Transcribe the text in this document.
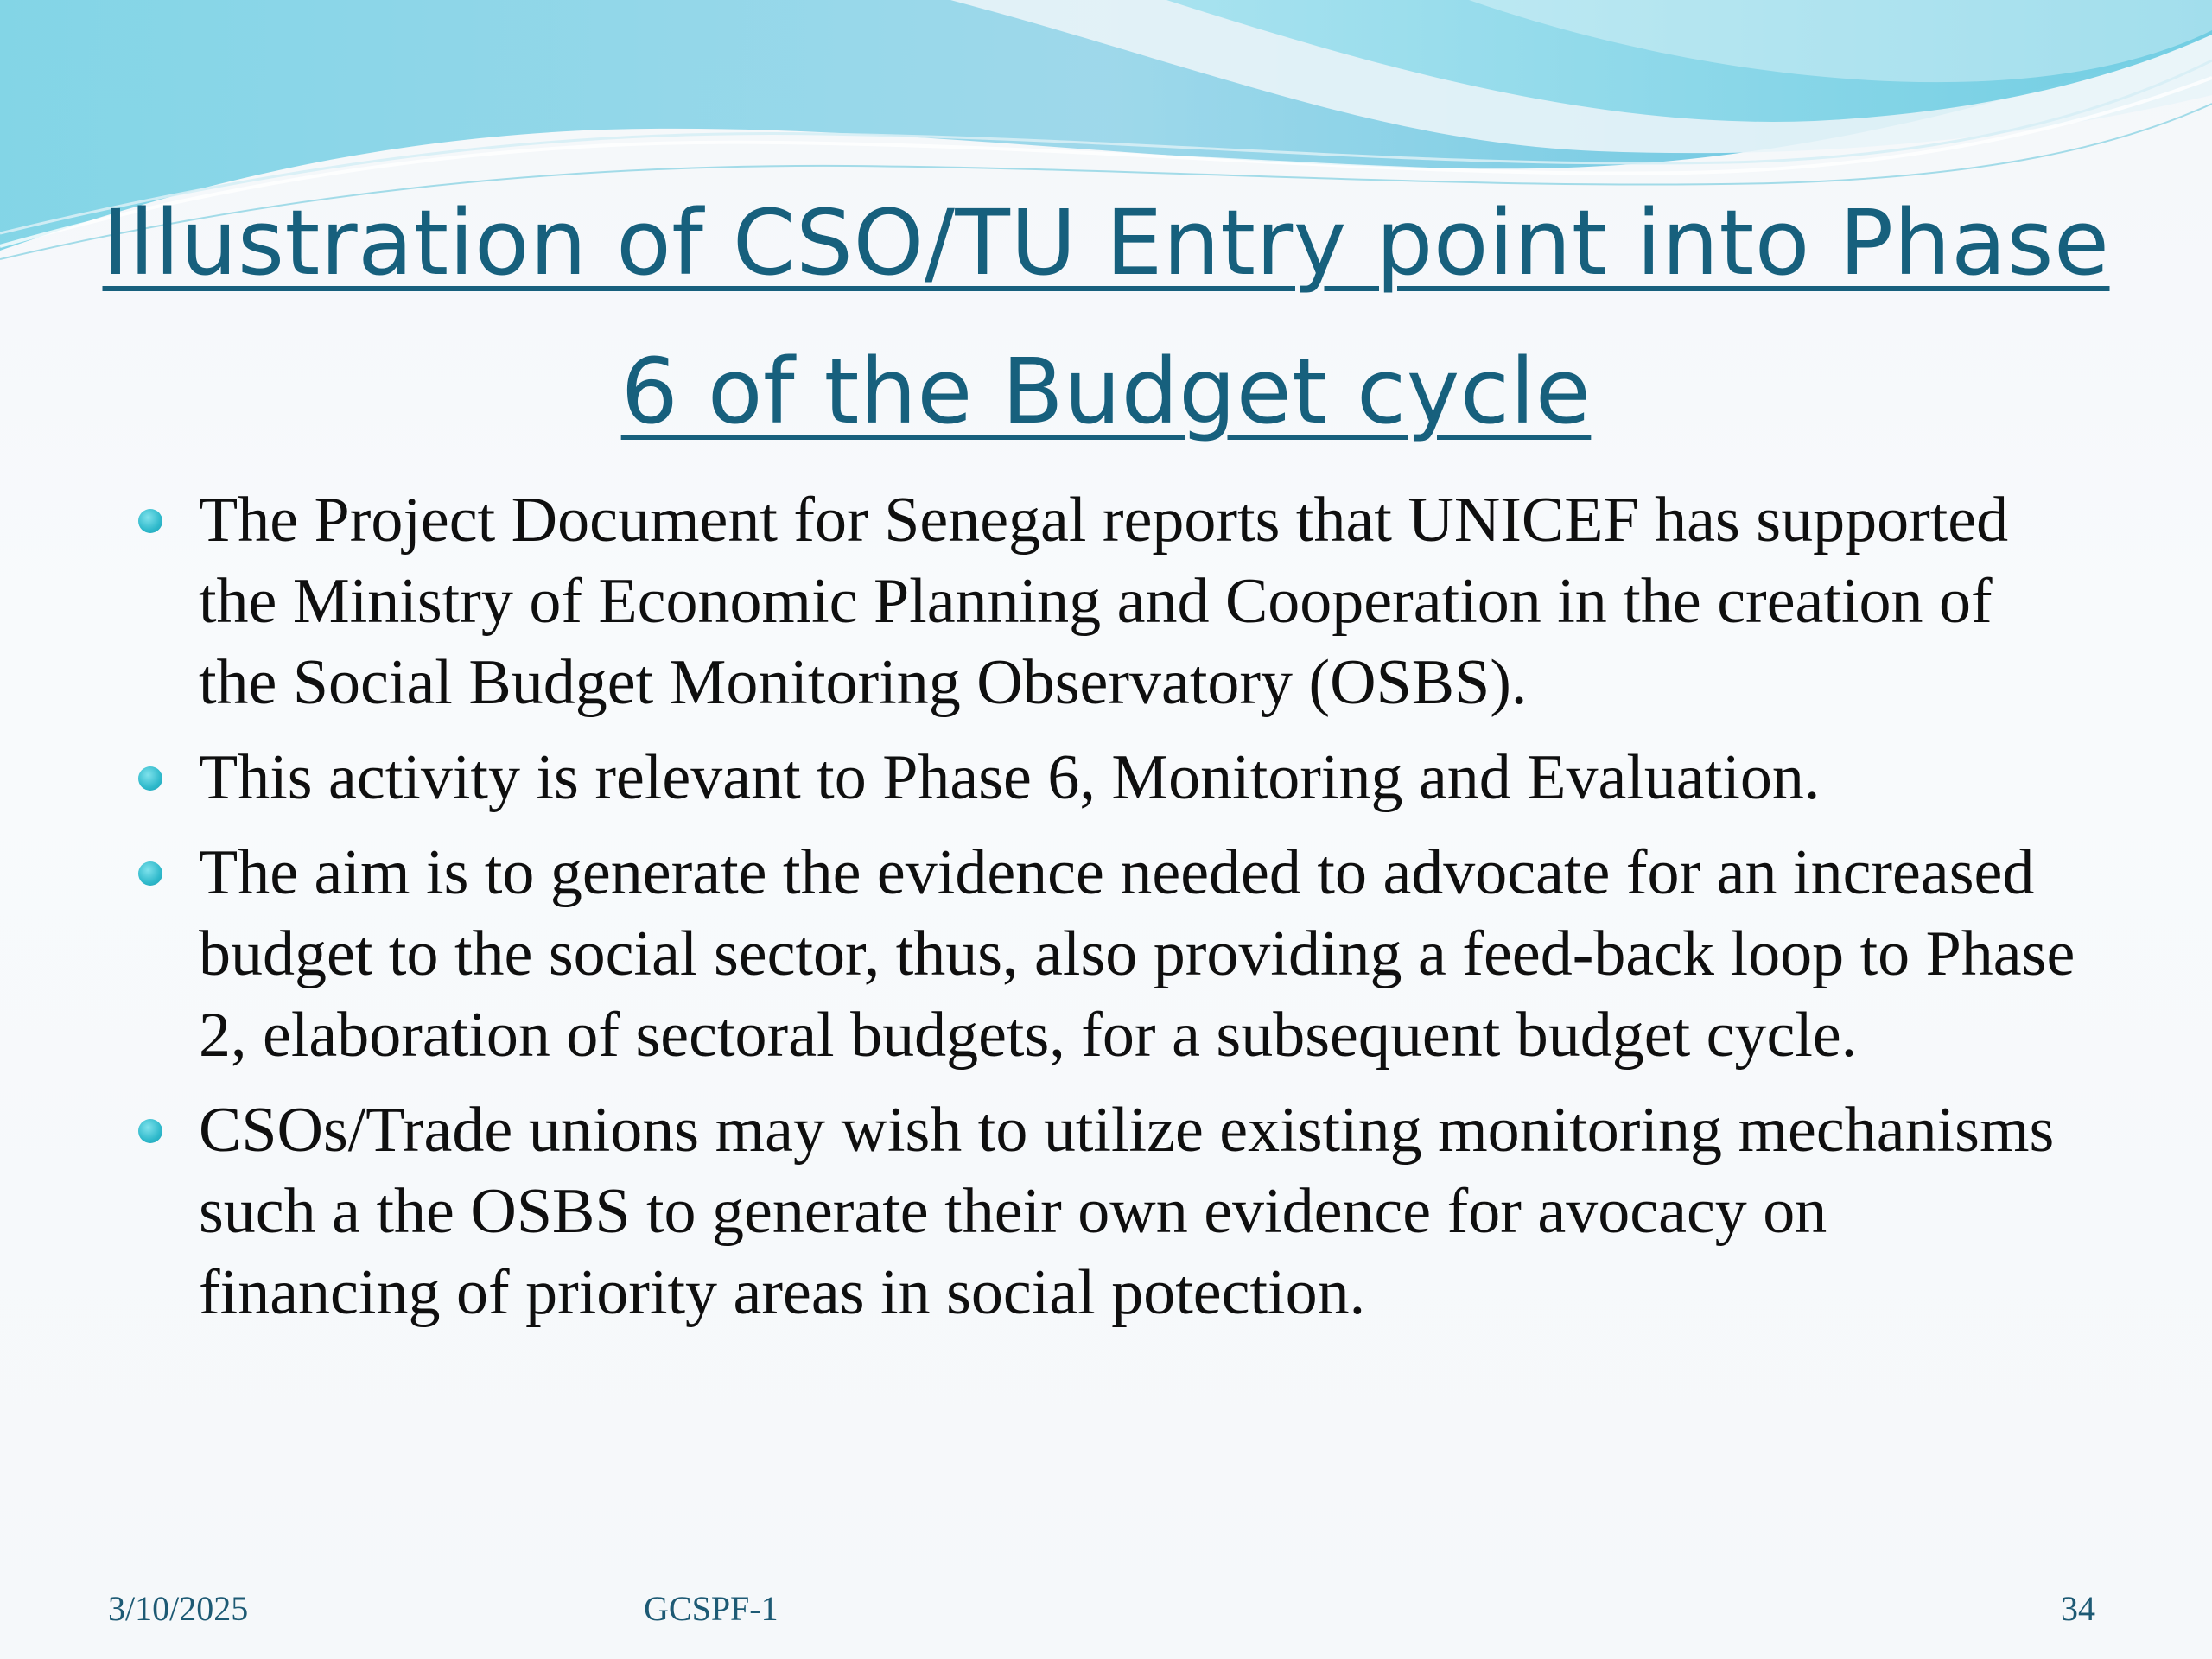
Illustration of CSO/TU Entry point into Phase 6 of the Budget cycle
The Project Document for Senegal reports that UNICEF has supported the Ministry of Economic Planning and Cooperation in the creation of the Social Budget Monitoring Observatory (OSBS).
This activity is relevant to Phase 6, Monitoring and Evaluation.
The aim is to generate the evidence needed to advocate for an increased budget to the social sector, thus, also providing a feed-back loop to Phase 2, elaboration of sectoral budgets, for a subsequent budget cycle.
CSOs/Trade unions may wish to utilize existing monitoring mechanisms such a the OSBS to generate their own evidence for avocacy on financing of priority areas in social potection.
3/10/2025	GCSPF-1	34
